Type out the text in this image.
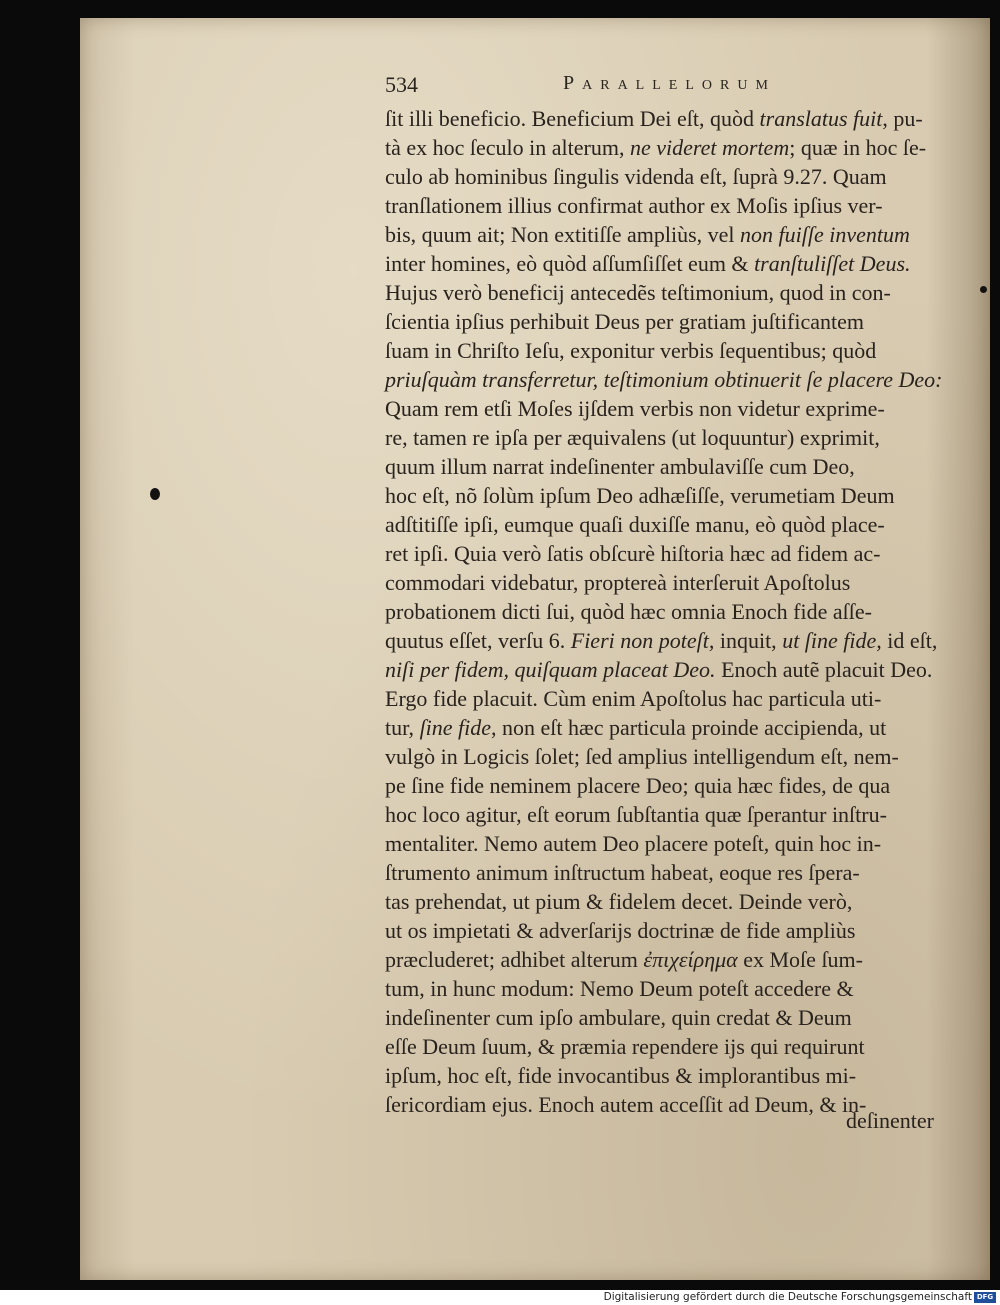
534	Parallelorum
ſit illi beneficio. Beneficium Dei eſt, quòd translatus fuit, pu-
tà ex hoc ſeculo in alterum, ne videret mortem; quæ in hoc ſe-
culo ab hominibus ſingulis videnda eſt, ſuprà 9.27. Quam
tranſlationem illius confirmat author ex Moſis ipſius ver-
bis, quum ait; Non extitiſſe ampliùs, vel non fuiſſe inventum
inter homines, eò quòd aſſumſiſſet eum & tranſtuliſſet Deus.
Hujus verò beneficij antecedẽs teſtimonium, quod in con-
ſcientia ipſius perhibuit Deus per gratiam juſtificantem
ſuam in Chriſto Ieſu, exponitur verbis ſequentibus; quòd
priuſquàm transferretur, teſtimonium obtinuerit ſe placere Deo:
Quam rem etſi Moſes ijſdem verbis non videtur exprime-
re, tamen re ipſa per æquivalens (ut loquuntur) exprimit,
quum illum narrat indeſinenter ambulaviſſe cum Deo,
hoc eſt, nõ ſolùm ipſum Deo adhæſiſſe, verumetiam Deum
adſtitiſſe ipſi, eumque quaſi duxiſſe manu, eò quòd place-
ret ipſi. Quia verò ſatis obſcurè hiſtoria hæc ad fidem ac-
commodari videbatur, proptereà interſeruit Apoſtolus
probationem dicti ſui, quòd hæc omnia Enoch fide aſſe-
quutus eſſet, verſu 6. Fieri non poteſt, inquit, ut ſine fide, id eſt,
niſi per fidem, quiſquam placeat Deo. Enoch autẽ placuit Deo.
Ergo fide placuit. Cùm enim Apoſtolus hac particula uti-
tur, ſine fide, non eſt hæc particula proinde accipienda, ut
vulgò in Logicis ſolet; ſed amplius intelligendum eſt, nem-
pe ſine fide neminem placere Deo; quia hæc fides, de qua
hoc loco agitur, eſt eorum ſubſtantia quæ ſperantur inſtru-
mentaliter. Nemo autem Deo placere poteſt, quin hoc in-
ſtrumento animum inſtructum habeat, eoque res ſpera-
tas prehendat, ut pium & fidelem decet. Deinde verò,
ut os impietati & adverſarijs doctrinæ de fide ampliùs
præcluderet; adhibet alterum ἐπιχείρημα ex Moſe ſum-
tum, in hunc modum: Nemo Deum poteſt accedere &
indeſinenter cum ipſo ambulare, quin credat & Deum
eſſe Deum ſuum, & præmia rependere ijs qui requirunt
ipſum, hoc eſt, fide invocantibus & implorantibus mi-
ſericordiam ejus. Enoch autem acceſſit ad Deum, & in-
deſinenter
Digitalisierung gefördert durch die Deutsche Forschungsgemeinschaft DFG
